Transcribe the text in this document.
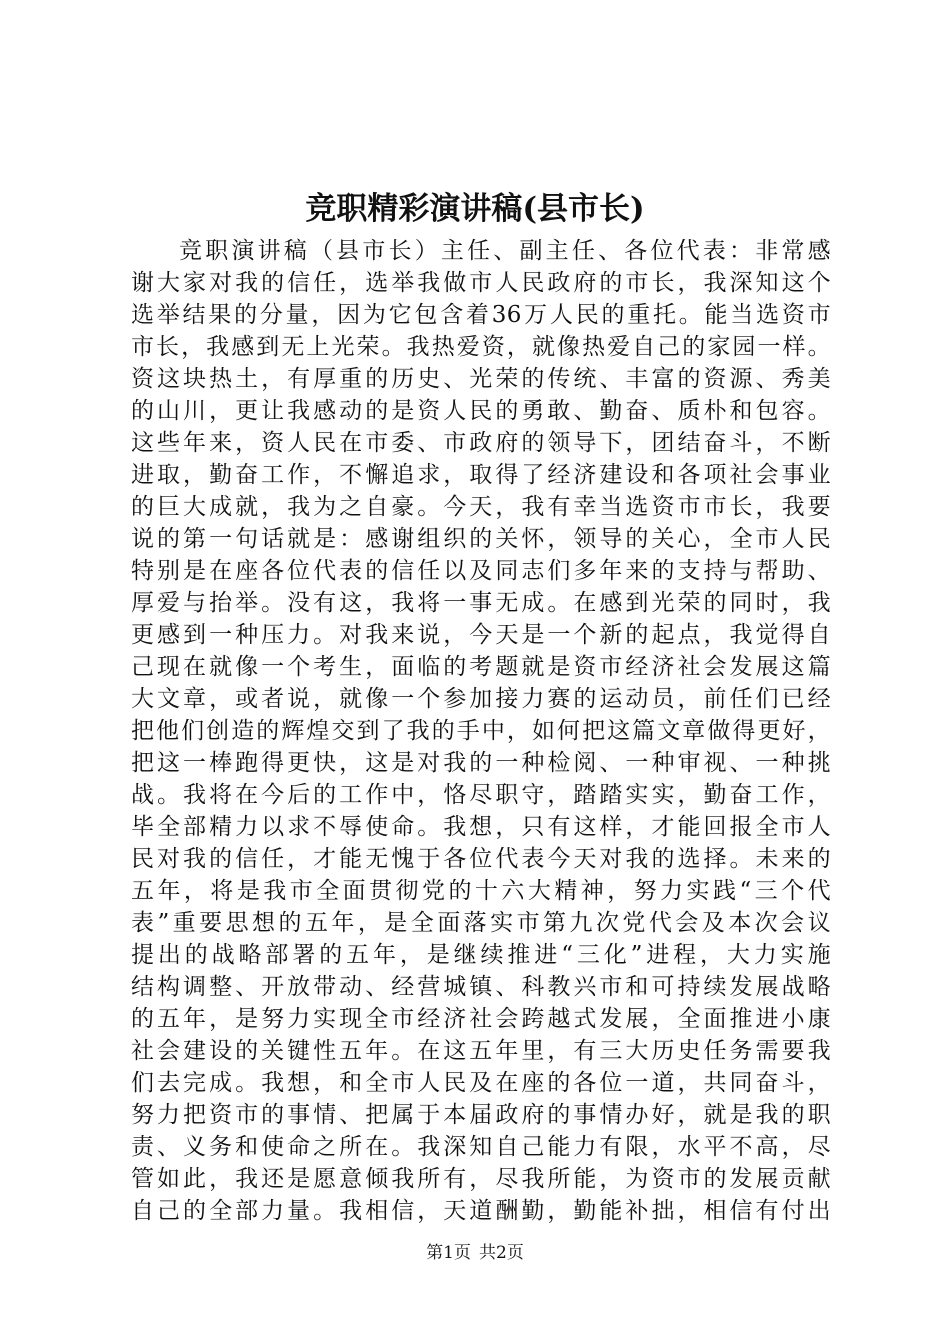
竞职精彩演讲稿(县市长)
竞职演讲稿（县市长）主任、副主任、各位代表：非常感
谢大家对我的信任，选举我做市人民政府的市长，我深知这个
选举结果的分量，因为它包含着36万人民的重托。能当选资市
市长，我感到无上光荣。我热爱资，就像热爱自己的家园一样。
资这块热土，有厚重的历史、光荣的传统、丰富的资源、秀美
的山川，更让我感动的是资人民的勇敢、勤奋、质朴和包容。
这些年来，资人民在市委、市政府的领导下，团结奋斗，不断
进取，勤奋工作，不懈追求，取得了经济建设和各项社会事业
的巨大成就，我为之自豪。今天，我有幸当选资市市长，我要
说的第一句话就是：感谢组织的关怀，领导的关心，全市人民
特别是在座各位代表的信任以及同志们多年来的支持与帮助、
厚爱与抬举。没有这，我将一事无成。在感到光荣的同时，我
更感到一种压力。对我来说，今天是一个新的起点，我觉得自
己现在就像一个考生，面临的考题就是资市经济社会发展这篇
大文章，或者说，就像一个参加接力赛的运动员，前任们已经
把他们创造的辉煌交到了我的手中，如何把这篇文章做得更好，
把这一棒跑得更快，这是对我的一种检阅、一种审视、一种挑
战。我将在今后的工作中，恪尽职守，踏踏实实，勤奋工作，
毕全部精力以求不辱使命。我想，只有这样，才能回报全市人
民对我的信任，才能无愧于各位代表今天对我的选择。未来的
五年，将是我市全面贯彻党的十六大精神，努力实践“三个代
表”重要思想的五年，是全面落实市第九次党代会及本次会议
提出的战略部署的五年，是继续推进“三化”进程，大力实施
结构调整、开放带动、经营城镇、科教兴市和可持续发展战略
的五年，是努力实现全市经济社会跨越式发展，全面推进小康
社会建设的关键性五年。在这五年里，有三大历史任务需要我
们去完成。我想，和全市人民及在座的各位一道，共同奋斗，
努力把资市的事情、把属于本届政府的事情办好，就是我的职
责、义务和使命之所在。我深知自己能力有限，水平不高，尽
管如此，我还是愿意倾我所有，尽我所能，为资市的发展贡献
自己的全部力量。我相信，天道酬勤，勤能补拙，相信有付出
第1页 共2页
